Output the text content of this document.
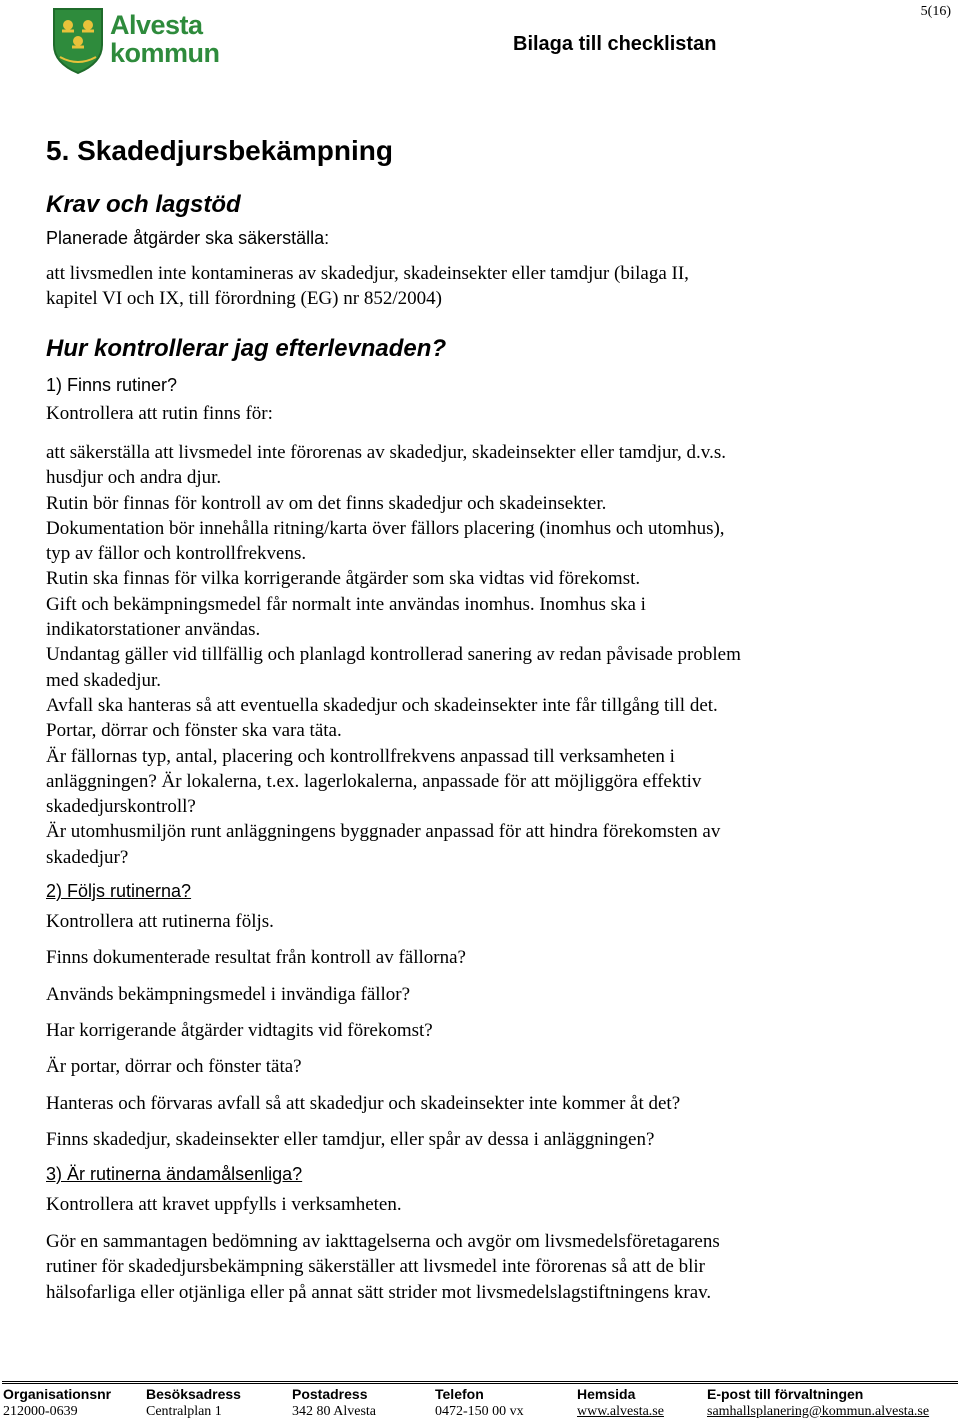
5(16)
Alvesta
kommun	Bilaga till checklistan
5. Skadedjursbekämpning
Krav och lagstöd
Planerade åtgärder ska säkerställa:
att livsmedlen inte kontamineras av skadedjur, skadeinsekter eller tamdjur (bilaga II,
kapitel VI och IX, till förordning (EG) nr 852/2004)
Hur kontrollerar jag efterlevnaden?
1) Finns rutiner?
Kontrollera att rutin finns för:
att säkerställa att livsmedel inte förorenas av skadedjur, skadeinsekter eller tamdjur, d.v.s.
husdjur och andra djur.
Rutin bör finnas för kontroll av om det finns skadedjur och skadeinsekter.
Dokumentation bör innehålla ritning/karta över fällors placering (inomhus och utomhus),
typ av fällor och kontrollfrekvens.
Rutin ska finnas för vilka korrigerande åtgärder som ska vidtas vid förekomst.
Gift och bekämpningsmedel får normalt inte användas inomhus. Inomhus ska i
indikatorstationer användas.
Undantag gäller vid tillfällig och planlagd kontrollerad sanering av redan påvisade problem
med skadedjur.
Avfall ska hanteras så att eventuella skadedjur och skadeinsekter inte får tillgång till det.
Portar, dörrar och fönster ska vara täta.
Är fällornas typ, antal, placering och kontrollfrekvens anpassad till verksamheten i
anläggningen? Är lokalerna, t.ex. lagerlokalerna, anpassade för att möjliggöra effektiv
skadedjurskontroll?
Är utomhusmiljön runt anläggningens byggnader anpassad för att hindra förekomsten av
skadedjur?
2) Följs rutinerna?
Kontrollera att rutinerna följs.
Finns dokumenterade resultat från kontroll av fällorna?
Används bekämpningsmedel i invändiga fällor?
Har korrigerande åtgärder vidtagits vid förekomst?
Är portar, dörrar och fönster täta?
Hanteras och förvaras avfall så att skadedjur och skadeinsekter inte kommer åt det?
Finns skadedjur, skadeinsekter eller tamdjur, eller spår av dessa i anläggningen?
3) Är rutinerna ändamålsenliga?
Kontrollera att kravet uppfylls i verksamheten.
Gör en sammantagen bedömning av iakttagelserna och avgör om livsmedelsföretagarens
rutiner för skadedjursbekämpning säkerställer att livsmedel inte förorenas så att de blir
hälsofarliga eller otjänliga eller på annat sätt strider mot livsmedelslagstiftningens krav.
Organisationsnr
212000-0639
Besöksadress
Centralplan 1
Postadress
342 80 Alvesta
Telefon
0472-150 00 vx
Hemsida
www.alvesta.se
E-post till förvaltningen
samhallsplanering@kommun.alvesta.se
